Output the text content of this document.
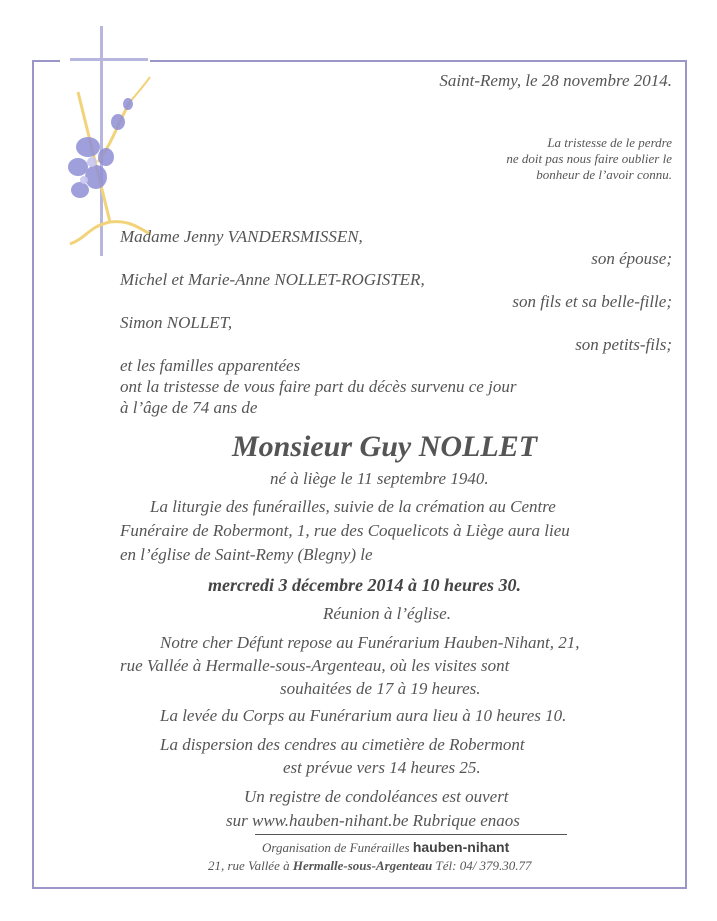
Saint-Remy, le 28 novembre 2014.
La tristesse de le perdre
ne doit pas nous faire oublier le
bonheur de l’avoir connu.
Madame Jenny VANDERSMISSEN,
son épouse;
Michel et Marie-Anne NOLLET-ROGISTER,
son fils et sa belle-fille;
Simon NOLLET,
son petits-fils;
et les familles apparentées
ont la tristesse de vous faire part du décès survenu ce jour
à l’âge de 74 ans de
Monsieur Guy NOLLET
né à liège le 11 septembre 1940.
La liturgie des funérailles, suivie de la crémation au Centre
Funéraire de Robermont, 1, rue des Coquelicots à Liège aura lieu
en l’église de Saint-Remy (Blegny) le
mercredi 3 décembre 2014 à 10 heures 30.
Réunion à l’église.
Notre cher Défunt repose au Funérarium Hauben-Nihant, 21,
rue Vallée à Hermalle-sous-Argenteau, où les visites sont
souhaitées de 17 à 19 heures.
La levée du Corps au Funérarium aura lieu à 10 heures 10.
La dispersion des cendres au cimetière de Robermont
est prévue vers 14 heures 25.
Un registre de condoléances est ouvert
sur www.hauben-nihant.be Rubrique enaos
Organisation de Funérailles hauben-nihant
21, rue Vallée à Hermalle-sous-Argenteau Tél: 04/ 379.30.77
